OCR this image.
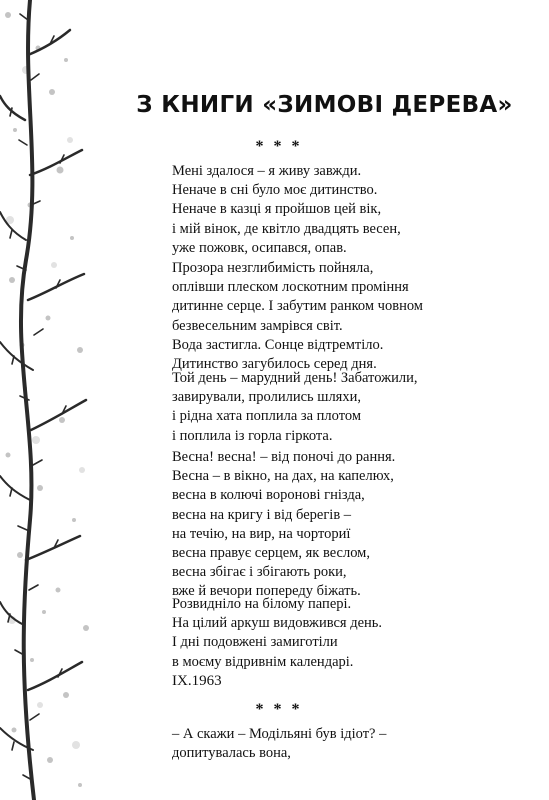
З КНИГИ «ЗИМОВІ ДЕРЕВА»
* * *
Мені здалося – я живу завжди.
Неначе в сні було моє дитинство.
Неначе в казці я пройшов цей вік,
і мій вінок, де квітло двадцять весен,
уже пожовк, осипався, опав.
Прозора незглибимість пойняла,
оплівши плеском лоскотним проміння
дитинне серце. І забутим ранком човном
безвесельним замрівся світ.
Вода застигла. Сонце відтремтіло.
Дитинство загубилось серед дня.
Той день – марудний день! Забатожили,
завирували, пролились шляхи,
і рідна хата поплила за плотом
і поплила із горла гіркота.
Весна! весна! – від поночі до рання.
Весна – в вікно, на дах, на капелюх,
весна в колючі воронові гнізда,
весна на кригу і від берегів –
на течію, на вир, на чорториї
весна правує серцем, як веслом,
весна збігає і збігають роки,
вже й вечори попереду біжать.
Розвидніло на білому папері.
На цілий аркуш видовжився день.
І дні подовжені замиготіли
в моєму відривнім календарі.
IX.1963
* * *
– А скажи – Модільяні був ідіот? –
допитувалась вона,
